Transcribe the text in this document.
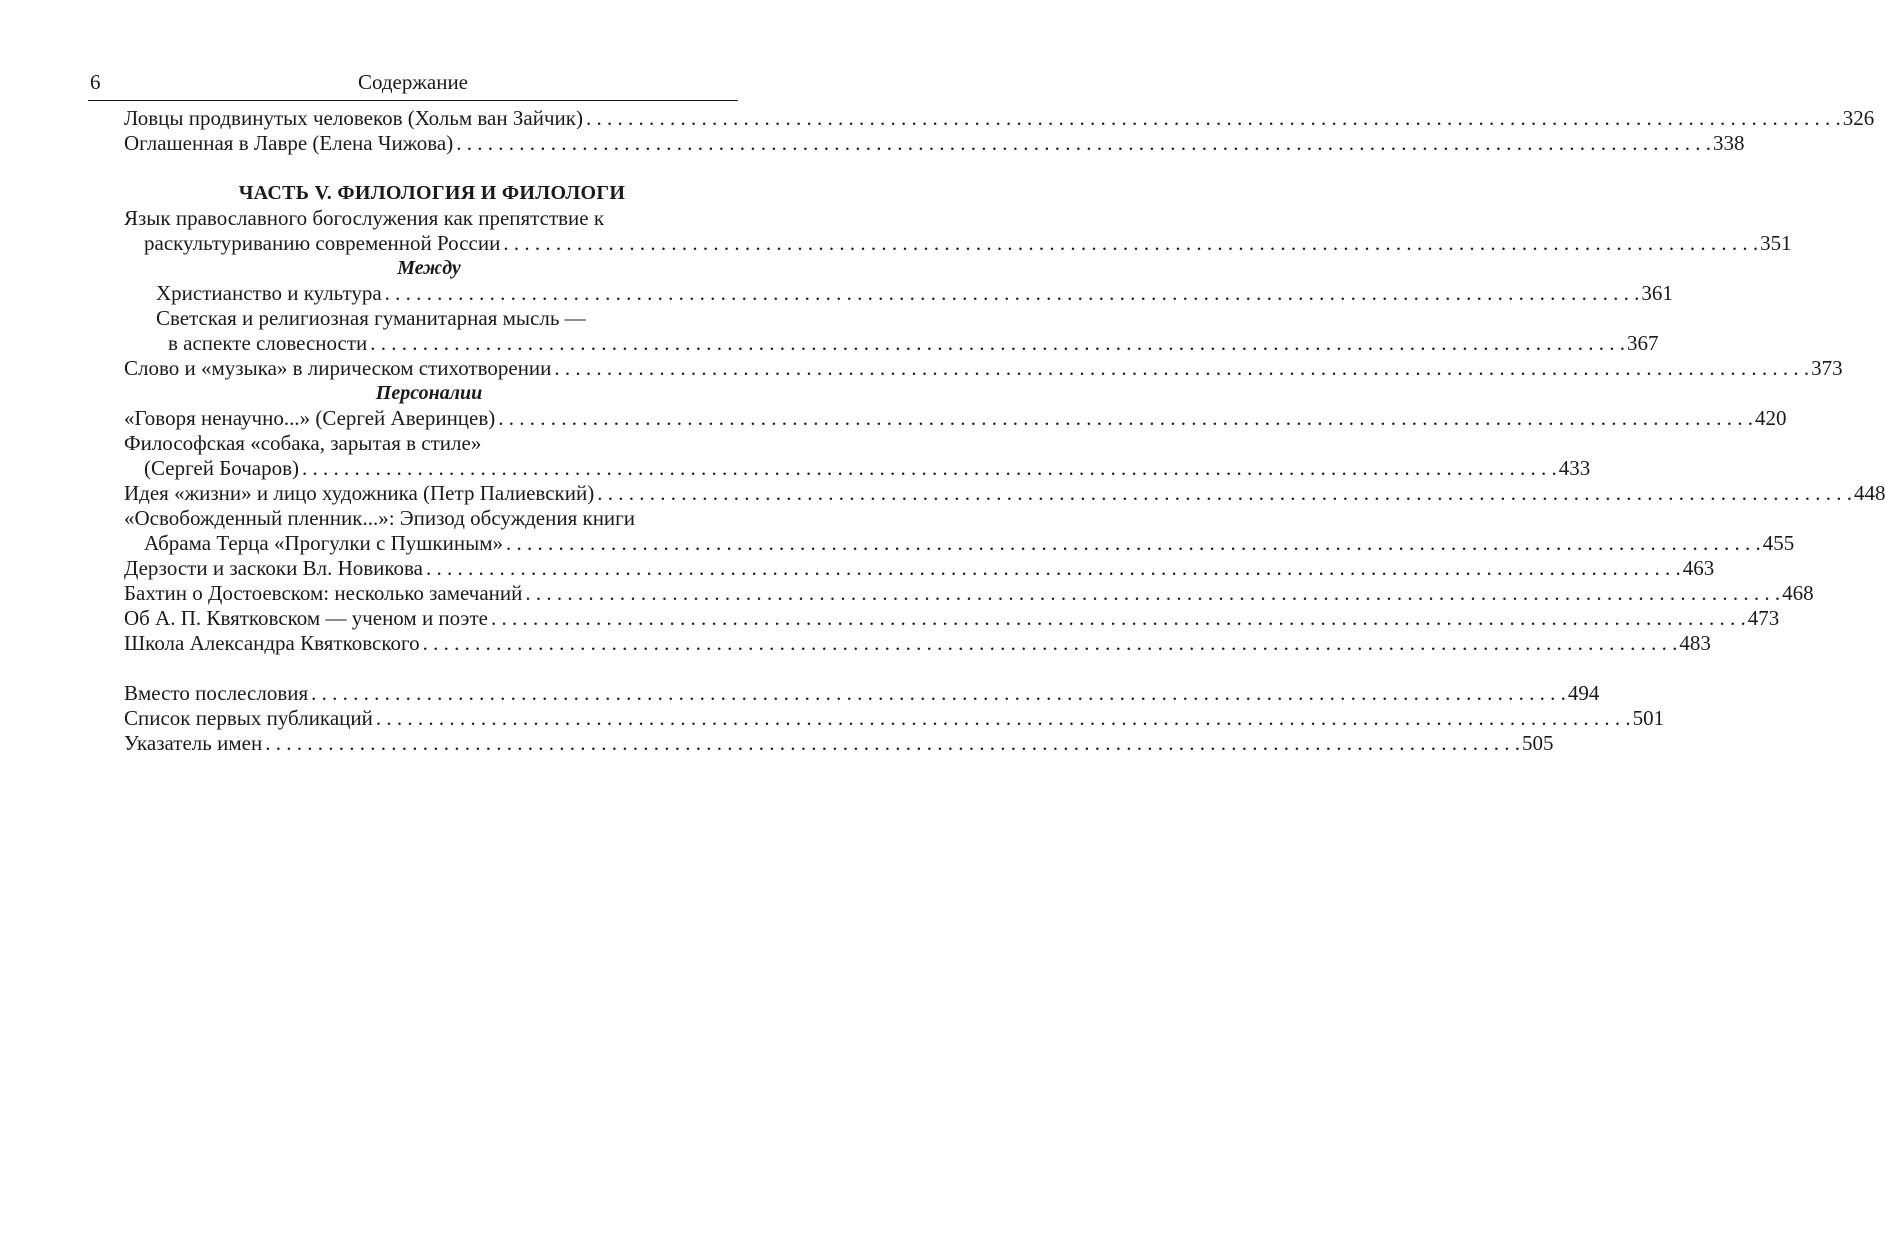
6	Содержание
Ловцы продвинутых человеков (Хольм ван Зайчик) . . . . . . . . . . . . . . . . . . . . . . . . . . . . . . . . . . . . . . . . . . . . . . . . . . . . . . . . . . . . . . . . . . . . . . . . . . . . . . . . . . . . . . . . . . . . . . . . . . . . . . . . . . . . . . . . . . . . . . . . 326
Оглашенная в Лавре (Елена Чижова) . . . . . . . . . . . . . . . . . . . . . . . . . . . . . . . . . . . . . . . . . . . . . . . . . . . . . . . . . . . . . . . . . . . . . . . . . . . . . . . . . . . . . . . . . . . . . . . . . . . . . . . . . . . . . . . . . . . . . . . . 338
ЧАСТЬ V. ФИЛОЛОГИЯ И ФИЛОЛОГИ
Язык православного богослужения как препятствие к
раскультуриванию современной России . . . . . . . . . . . . . . . . . . . . . . . . . . . . . . . . . . . . . . . . . . . . . . . . . . . . . . . . . . . . . . . . . . . . . . . . . . . . . . . . . . . . . . . . . . . . . . . . . . . . . . . . . . . . . . . . . . . . . . . . 351
Между
Христианство и культура . . . . . . . . . . . . . . . . . . . . . . . . . . . . . . . . . . . . . . . . . . . . . . . . . . . . . . . . . . . . . . . . . . . . . . . . . . . . . . . . . . . . . . . . . . . . . . . . . . . . . . . . . . . . . . . . . . . . . . . . 361
Светская и религиозная гуманитарная мысль —
в аспекте словесности . . . . . . . . . . . . . . . . . . . . . . . . . . . . . . . . . . . . . . . . . . . . . . . . . . . . . . . . . . . . . . . . . . . . . . . . . . . . . . . . . . . . . . . . . . . . . . . . . . . . . . . . . . . . . . . . . . . . . . . . 367
Слово и «музыка» в лирическом стихотворении . . . . . . . . . . . . . . . . . . . . . . . . . . . . . . . . . . . . . . . . . . . . . . . . . . . . . . . . . . . . . . . . . . . . . . . . . . . . . . . . . . . . . . . . . . . . . . . . . . . . . . . . . . . . . . . . . . . . . . . . 373
Персоналии
«Говоря ненаучно...» (Сергей Аверинцев) . . . . . . . . . . . . . . . . . . . . . . . . . . . . . . . . . . . . . . . . . . . . . . . . . . . . . . . . . . . . . . . . . . . . . . . . . . . . . . . . . . . . . . . . . . . . . . . . . . . . . . . . . . . . . . . . . . . . . . . . 420
Философская «собака, зарытая в стиле»
(Сергей Бочаров) . . . . . . . . . . . . . . . . . . . . . . . . . . . . . . . . . . . . . . . . . . . . . . . . . . . . . . . . . . . . . . . . . . . . . . . . . . . . . . . . . . . . . . . . . . . . . . . . . . . . . . . . . . . . . . . . . . . . . . . . 433
Идея «жизни» и лицо художника (Петр Палиевский) . . . . . . . . . . . . . . . . . . . . . . . . . . . . . . . . . . . . . . . . . . . . . . . . . . . . . . . . . . . . . . . . . . . . . . . . . . . . . . . . . . . . . . . . . . . . . . . . . . . . . . . . . . . . . . . . . . . . . . . . 448
«Освобожденный пленник...»: Эпизод обсуждения книги
Абрама Терца «Прогулки с Пушкиным» . . . . . . . . . . . . . . . . . . . . . . . . . . . . . . . . . . . . . . . . . . . . . . . . . . . . . . . . . . . . . . . . . . . . . . . . . . . . . . . . . . . . . . . . . . . . . . . . . . . . . . . . . . . . . . . . . . . . . . . . 455
Дерзости и заскоки Вл. Новикова . . . . . . . . . . . . . . . . . . . . . . . . . . . . . . . . . . . . . . . . . . . . . . . . . . . . . . . . . . . . . . . . . . . . . . . . . . . . . . . . . . . . . . . . . . . . . . . . . . . . . . . . . . . . . . . . . . . . . . . . 463
Бахтин о Достоевском: несколько замечаний . . . . . . . . . . . . . . . . . . . . . . . . . . . . . . . . . . . . . . . . . . . . . . . . . . . . . . . . . . . . . . . . . . . . . . . . . . . . . . . . . . . . . . . . . . . . . . . . . . . . . . . . . . . . . . . . . . . . . . . . 468
Об А. П. Квятковском — ученом и поэте . . . . . . . . . . . . . . . . . . . . . . . . . . . . . . . . . . . . . . . . . . . . . . . . . . . . . . . . . . . . . . . . . . . . . . . . . . . . . . . . . . . . . . . . . . . . . . . . . . . . . . . . . . . . . . . . . . . . . . . . 473
Школа Александра Квятковского . . . . . . . . . . . . . . . . . . . . . . . . . . . . . . . . . . . . . . . . . . . . . . . . . . . . . . . . . . . . . . . . . . . . . . . . . . . . . . . . . . . . . . . . . . . . . . . . . . . . . . . . . . . . . . . . . . . . . . . . 483
Вместо послесловия . . . . . . . . . . . . . . . . . . . . . . . . . . . . . . . . . . . . . . . . . . . . . . . . . . . . . . . . . . . . . . . . . . . . . . . . . . . . . . . . . . . . . . . . . . . . . . . . . . . . . . . . . . . . . . . . . . . . . . . . 494
Список первых публикаций . . . . . . . . . . . . . . . . . . . . . . . . . . . . . . . . . . . . . . . . . . . . . . . . . . . . . . . . . . . . . . . . . . . . . . . . . . . . . . . . . . . . . . . . . . . . . . . . . . . . . . . . . . . . . . . . . . . . . . . . 501
Указатель имен . . . . . . . . . . . . . . . . . . . . . . . . . . . . . . . . . . . . . . . . . . . . . . . . . . . . . . . . . . . . . . . . . . . . . . . . . . . . . . . . . . . . . . . . . . . . . . . . . . . . . . . . . . . . . . . . . . . . . . . . 505
